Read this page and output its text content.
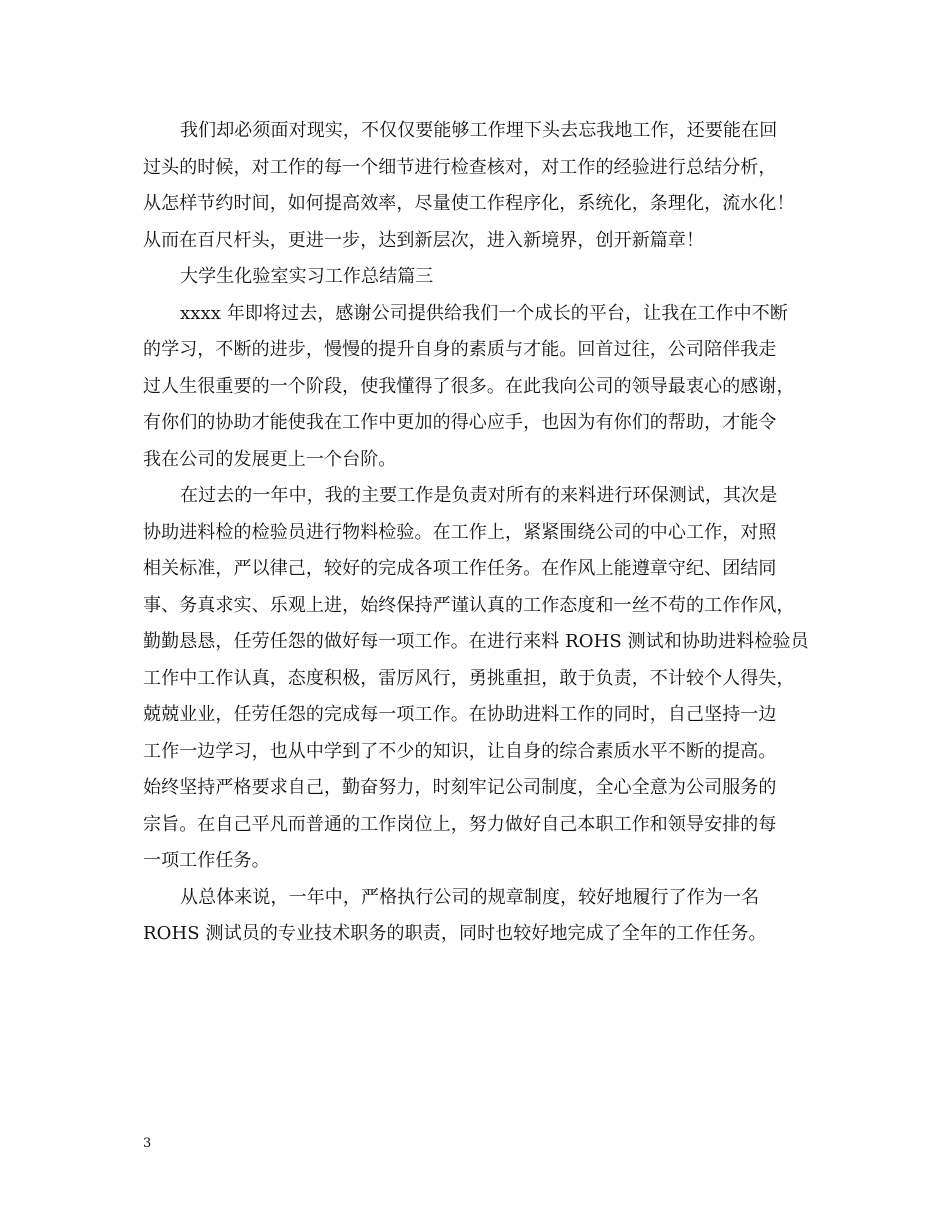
我们却必须面对现实，不仅仅要能够工作埋下头去忘我地工作，还要能在回
过头的时候，对工作的每一个细节进行检查核对，对工作的经验进行总结分析，
从怎样节约时间，如何提高效率，尽量使工作程序化，系统化，条理化，流水化！
从而在百尺杆头，更进一步，达到新层次，进入新境界，创开新篇章！
大学生化验室实习工作总结篇三
xxxx 年即将过去，感谢公司提供给我们一个成长的平台，让我在工作中不断
的学习，不断的进步，慢慢的提升自身的素质与才能。回首过往，公司陪伴我走
过人生很重要的一个阶段，使我懂得了很多。在此我向公司的领导最衷心的感谢，
有你们的协助才能使我在工作中更加的得心应手，也因为有你们的帮助，才能令
我在公司的发展更上一个台阶。
在过去的一年中，我的主要工作是负责对所有的来料进行环保测试，其次是
协助进料检的检验员进行物料检验。在工作上，紧紧围绕公司的中心工作，对照
相关标准，严以律己，较好的完成各项工作任务。在作风上能遵章守纪、团结同
事、务真求实、乐观上进，始终保持严谨认真的工作态度和一丝不苟的工作作风，
勤勤恳恳，任劳任怨的做好每一项工作。在进行来料 ROHS 测试和协助进料检验员
工作中工作认真，态度积极，雷厉风行，勇挑重担，敢于负责，不计较个人得失，
兢兢业业，任劳任怨的完成每一项工作。在协助进料工作的同时，自己坚持一边
工作一边学习，也从中学到了不少的知识，让自身的综合素质水平不断的提高。
始终坚持严格要求自己，勤奋努力，时刻牢记公司制度，全心全意为公司服务的
宗旨。在自己平凡而普通的工作岗位上，努力做好自己本职工作和领导安排的每
一项工作任务。
从总体来说，一年中，严格执行公司的规章制度，较好地履行了作为一名
ROHS 测试员的专业技术职务的职责，同时也较好地完成了全年的工作任务。
3
